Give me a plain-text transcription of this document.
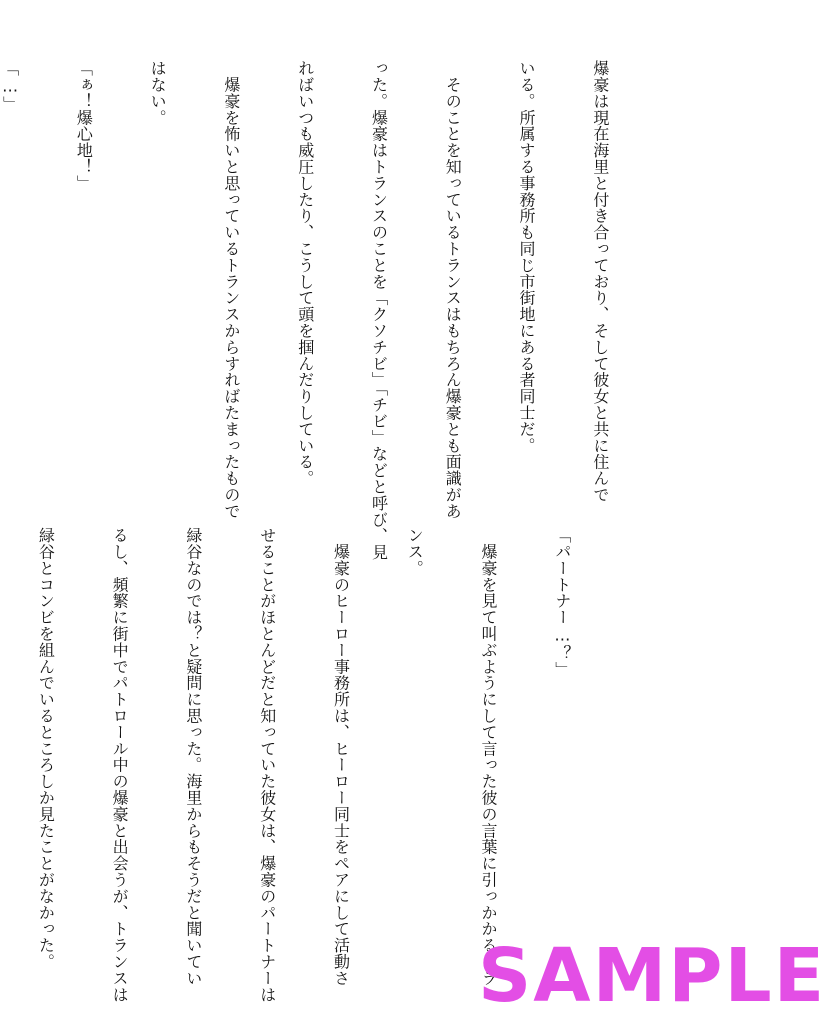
爆豪は現在海里と付き合っており、そして彼女と共に住んで

いる。所属する事務所も同じ市街地にある者同士だ。

　そのことを知っているトランスはもちろん爆豪とも面識があ

った。爆豪はトランスのことを「クソチビ」「チビ」などと呼び、見

ればいつも威圧したり、こうして頭を掴んだりしている。

　爆豪を怖いと思っているトランスからすればたまったもので

はない。

「ぁ！爆心地！」

「…」

「パートナー…？」

　爆豪を見て叫ぶようにして言った彼の言葉に引っかかるトラ

ンス。

　爆豪のヒーロー事務所は、ヒーロー同士をペアにして活動さ

せることがほとんどだと知っていた彼女は、爆豪のパートナーは

緑谷なのでは？と疑問に思った。海里からもそうだと聞いてい

るし、頻繁に街中でパトロール中の爆豪と出会うが、トランスは

緑谷とコンビを組んでいるところしか見たことがなかった。

SAMPLE
